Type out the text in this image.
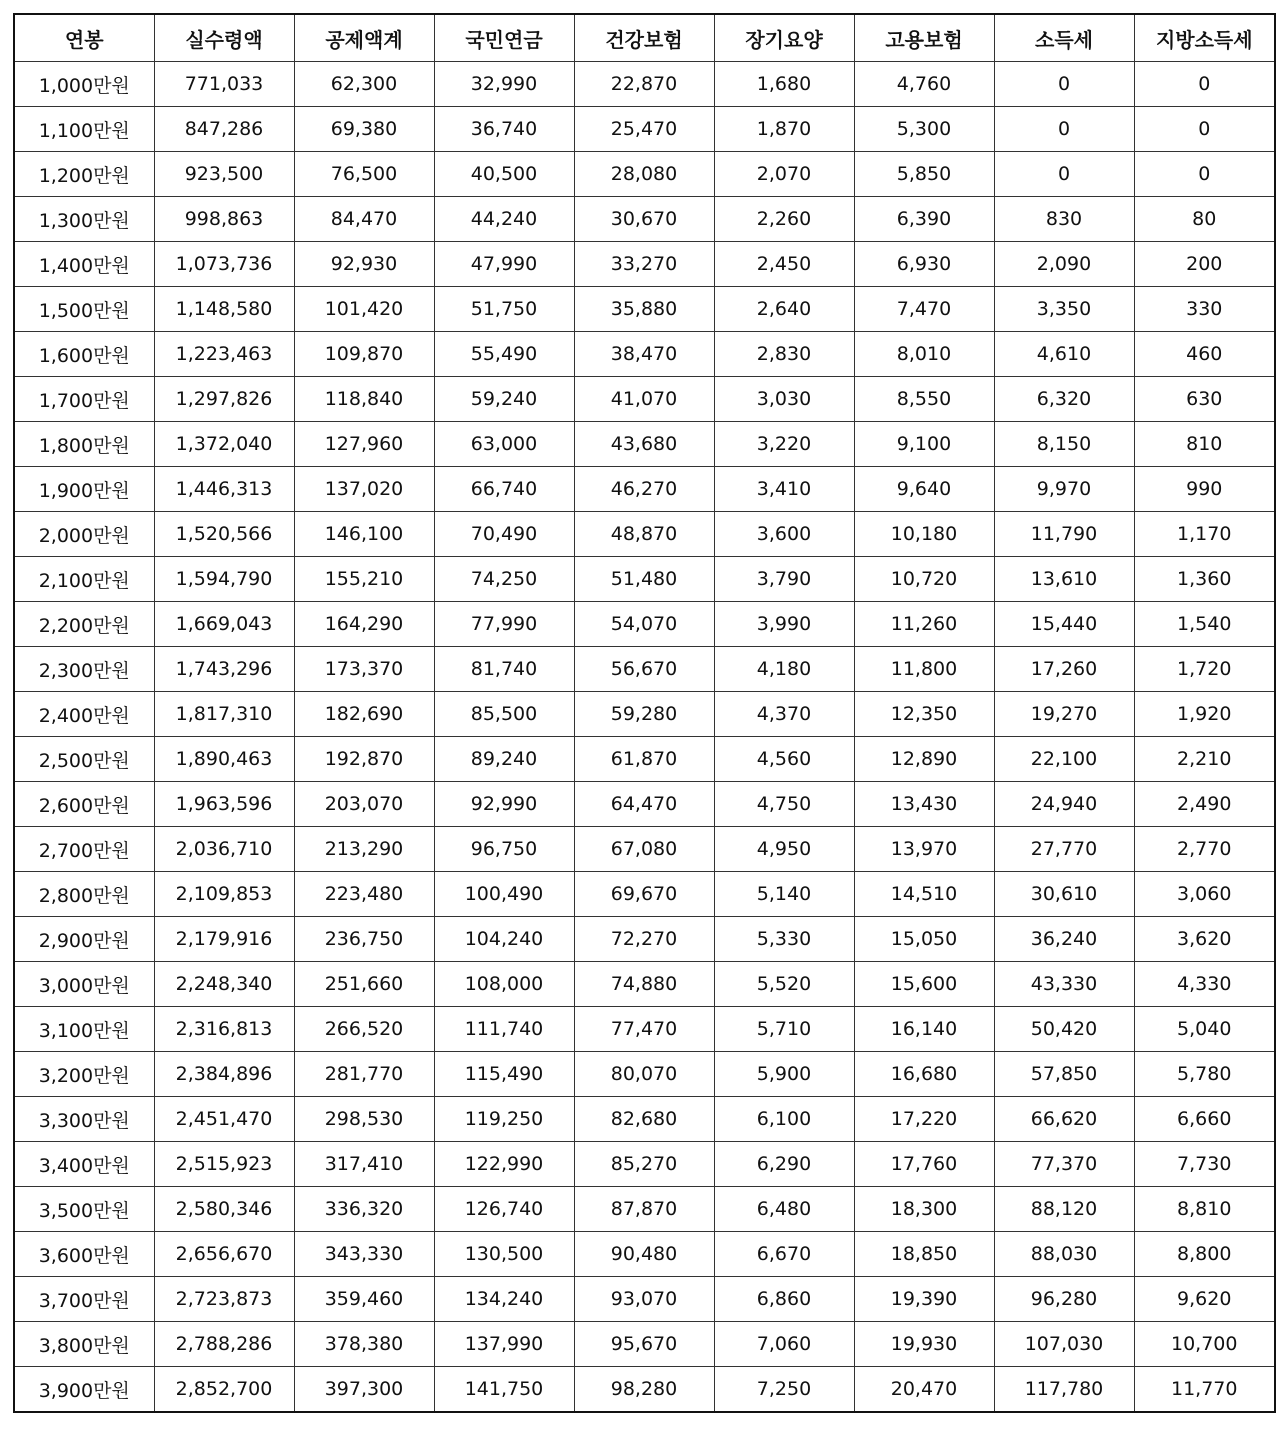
연봉	실수령액	공제액계	국민연금	건강보험	장기요양	고용보험	소득세	지방소득세
1,000만원	771,033	62,300	32,990	22,870	1,680	4,760	0	0
1,100만원	847,286	69,380	36,740	25,470	1,870	5,300	0	0
1,200만원	923,500	76,500	40,500	28,080	2,070	5,850	0	0
1,300만원	998,863	84,470	44,240	30,670	2,260	6,390	830	80
1,400만원	1,073,736	92,930	47,990	33,270	2,450	6,930	2,090	200
1,500만원	1,148,580	101,420	51,750	35,880	2,640	7,470	3,350	330
1,600만원	1,223,463	109,870	55,490	38,470	2,830	8,010	4,610	460
1,700만원	1,297,826	118,840	59,240	41,070	3,030	8,550	6,320	630
1,800만원	1,372,040	127,960	63,000	43,680	3,220	9,100	8,150	810
1,900만원	1,446,313	137,020	66,740	46,270	3,410	9,640	9,970	990
2,000만원	1,520,566	146,100	70,490	48,870	3,600	10,180	11,790	1,170
2,100만원	1,594,790	155,210	74,250	51,480	3,790	10,720	13,610	1,360
2,200만원	1,669,043	164,290	77,990	54,070	3,990	11,260	15,440	1,540
2,300만원	1,743,296	173,370	81,740	56,670	4,180	11,800	17,260	1,720
2,400만원	1,817,310	182,690	85,500	59,280	4,370	12,350	19,270	1,920
2,500만원	1,890,463	192,870	89,240	61,870	4,560	12,890	22,100	2,210
2,600만원	1,963,596	203,070	92,990	64,470	4,750	13,430	24,940	2,490
2,700만원	2,036,710	213,290	96,750	67,080	4,950	13,970	27,770	2,770
2,800만원	2,109,853	223,480	100,490	69,670	5,140	14,510	30,610	3,060
2,900만원	2,179,916	236,750	104,240	72,270	5,330	15,050	36,240	3,620
3,000만원	2,248,340	251,660	108,000	74,880	5,520	15,600	43,330	4,330
3,100만원	2,316,813	266,520	111,740	77,470	5,710	16,140	50,420	5,040
3,200만원	2,384,896	281,770	115,490	80,070	5,900	16,680	57,850	5,780
3,300만원	2,451,470	298,530	119,250	82,680	6,100	17,220	66,620	6,660
3,400만원	2,515,923	317,410	122,990	85,270	6,290	17,760	77,370	7,730
3,500만원	2,580,346	336,320	126,740	87,870	6,480	18,300	88,120	8,810
3,600만원	2,656,670	343,330	130,500	90,480	6,670	18,850	88,030	8,800
3,700만원	2,723,873	359,460	134,240	93,070	6,860	19,390	96,280	9,620
3,800만원	2,788,286	378,380	137,990	95,670	7,060	19,930	107,030	10,700
3,900만원	2,852,700	397,300	141,750	98,280	7,250	20,470	117,780	11,770
